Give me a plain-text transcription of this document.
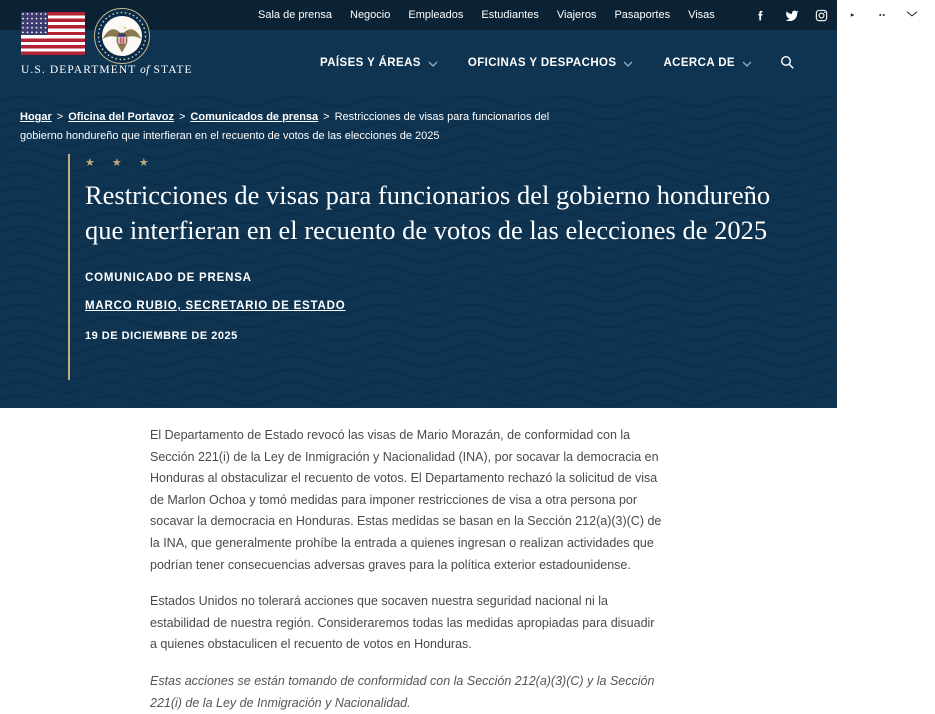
Sala de prensa Negocio Empleados Estudiantes Viajeros Pasaportes Visas
PAÍSES Y ÁREAS	OFICINAS Y DESPACHOS	ACERCA DE
U.S. DEPARTMENT of STATE
Hogar > Oficina del Portavoz > Comunicados de prensa > Restricciones de visas para funcionarios del gobierno hondureño que interfieran en el recuento de votos de las elecciones de 2025
★ ★ ★
Restricciones de visas para funcionarios del gobierno hondureño que interfieran en el recuento de votos de las elecciones de 2025
COMUNICADO DE PRENSA
MARCO RUBIO, SECRETARIO DE ESTADO
19 DE DICIEMBRE DE 2025

El Departamento de Estado revocó las visas de Mario Morazán, de conformidad con la Sección 221(i) de la Ley de Inmigración y Nacionalidad (INA), por socavar la democracia en Honduras al obstaculizar el recuento de votos. El Departamento rechazó la solicitud de visa de Marlon Ochoa y tomó medidas para imponer restricciones de visa a otra persona por socavar la democracia en Honduras. Estas medidas se basan en la Sección 212(a)(3)(C) de la INA, que generalmente prohíbe la entrada a quienes ingresan o realizan actividades que podrían tener consecuencias adversas graves para la política exterior estadounidense.

Estados Unidos no tolerará acciones que socaven nuestra seguridad nacional ni la estabilidad de nuestra región. Consideraremos todas las medidas apropiadas para disuadir a quienes obstaculicen el recuento de votos en Honduras.

Estas acciones se están tomando de conformidad con la Sección 212(a)(3)(C) y la Sección 221(i) de la Ley de Inmigración y Nacionalidad.
